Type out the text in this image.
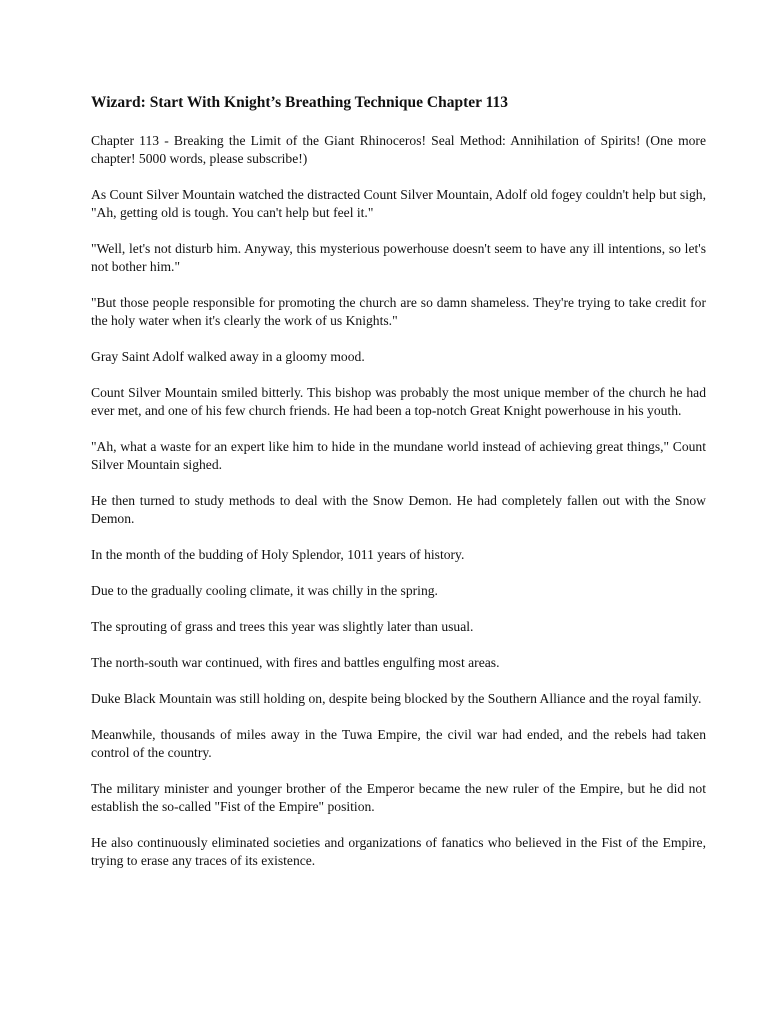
Wizard: Start With Knight’s Breathing Technique Chapter 113

Chapter 113 - Breaking the Limit of the Giant Rhinoceros! Seal Method: Annihilation of Spirits! (One more chapter! 5000 words, please subscribe!)

As Count Silver Mountain watched the distracted Count Silver Mountain, Adolf old fogey couldn't help but sigh, "Ah, getting old is tough. You can't help but feel it."

"Well, let's not disturb him. Anyway, this mysterious powerhouse doesn't seem to have any ill intentions, so let's not bother him."

"But those people responsible for promoting the church are so damn shameless. They're trying to take credit for the holy water when it's clearly the work of us Knights."

Gray Saint Adolf walked away in a gloomy mood.

Count Silver Mountain smiled bitterly. This bishop was probably the most unique member of the church he had ever met, and one of his few church friends. He had been a top-notch Great Knight powerhouse in his youth.

"Ah, what a waste for an expert like him to hide in the mundane world instead of achieving great things," Count Silver Mountain sighed.

He then turned to study methods to deal with the Snow Demon. He had completely fallen out with the Snow Demon.

In the month of the budding of Holy Splendor, 1011 years of history.

Due to the gradually cooling climate, it was chilly in the spring.

The sprouting of grass and trees this year was slightly later than usual.

The north-south war continued, with fires and battles engulfing most areas.

Duke Black Mountain was still holding on, despite being blocked by the Southern Alliance and the royal family.

Meanwhile, thousands of miles away in the Tuwa Empire, the civil war had ended, and the rebels had taken control of the country.

The military minister and younger brother of the Emperor became the new ruler of the Empire, but he did not establish the so-called "Fist of the Empire" position.

He also continuously eliminated societies and organizations of fanatics who believed in the Fist of the Empire, trying to erase any traces of its existence.
